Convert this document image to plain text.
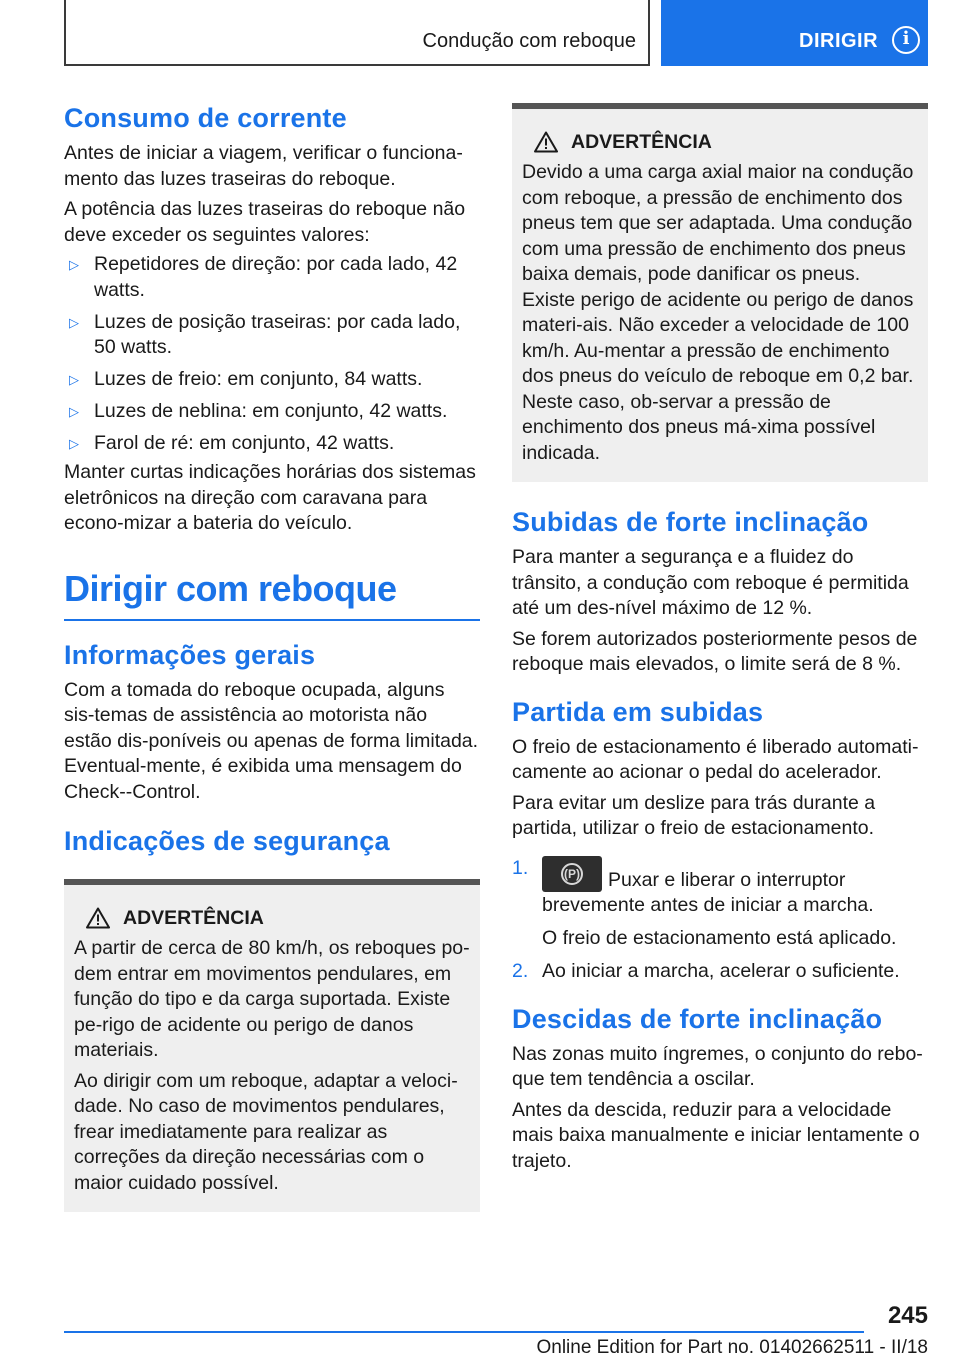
Condução com reboque	DIRIGIR	i
Consumo de corrente

Antes de iniciar a viagem, verificar o funciona-mento das luzes traseiras do reboque.

A potência das luzes traseiras do reboque não deve exceder os seguintes valores:

▷ Repetidores de direção: por cada lado, 42 watts.
▷ Luzes de posição traseiras: por cada lado, 50 watts.
▷ Luzes de freio: em conjunto, 84 watts.
▷ Luzes de neblina: em conjunto, 42 watts.
▷ Farol de ré: em conjunto, 42 watts.

Manter curtas indicações horárias dos sistemas eletrônicos na direção com caravana para econo-mizar a bateria do veículo.

Dirigir com reboque
Informações gerais

Com a tomada do reboque ocupada, alguns sis-temas de assistência ao motorista não estão dis-poníveis ou apenas de forma limitada. Eventual-mente, é exibida uma mensagem do Check--Control.

Indicações de segurança
ADVERTÊNCIA

A partir de cerca de 80 km/h, os reboques po-dem entrar em movimentos pendulares, em função do tipo e da carga suportada. Existe pe-rigo de acidente ou perigo de danos materiais.

Ao dirigir com um reboque, adaptar a veloci-dade. No caso de movimentos pendulares, frear imediatamente para realizar as correções da direção necessárias com o maior cuidado possível.

ADVERTÊNCIA

Devido a uma carga axial maior na condução com reboque, a pressão de enchimento dos pneus tem que ser adaptada. Uma condução com uma pressão de enchimento dos pneus baixa demais, pode danificar os pneus. Existe perigo de acidente ou perigo de danos materi-ais. Não exceder a velocidade de 100 km/h. Au-mentar a pressão de enchimento dos pneus do veículo de reboque em 0,2 bar. Neste caso, ob-servar a pressão de enchimento dos pneus má-xima possível indicada.

Subidas de forte inclinação

Para manter a segurança e a fluidez do trânsito, a condução com reboque é permitida até um des-nível máximo de 12 %.

Se forem autorizados posteriormente pesos de reboque mais elevados, o limite será de 8 %.

Partida em subidas

O freio de estacionamento é liberado automati-camente ao acionar o pedal do acelerador.

Para evitar um deslize para trás durante a partida, utilizar o freio de estacionamento.

1.	(P) Puxar e liberar o interruptor brevemente antes de iniciar a marcha.
O freio de estacionamento está aplicado.
2. Ao iniciar a marcha, acelerar o suficiente.
Descidas de forte inclinação

Nas zonas muito íngremes, o conjunto do rebo-que tem tendência a oscilar.

Antes da descida, reduzir para a velocidade mais baixa manualmente e iniciar lentamente o trajeto.

245
Online Edition for Part no. 01402662511 - II/18
